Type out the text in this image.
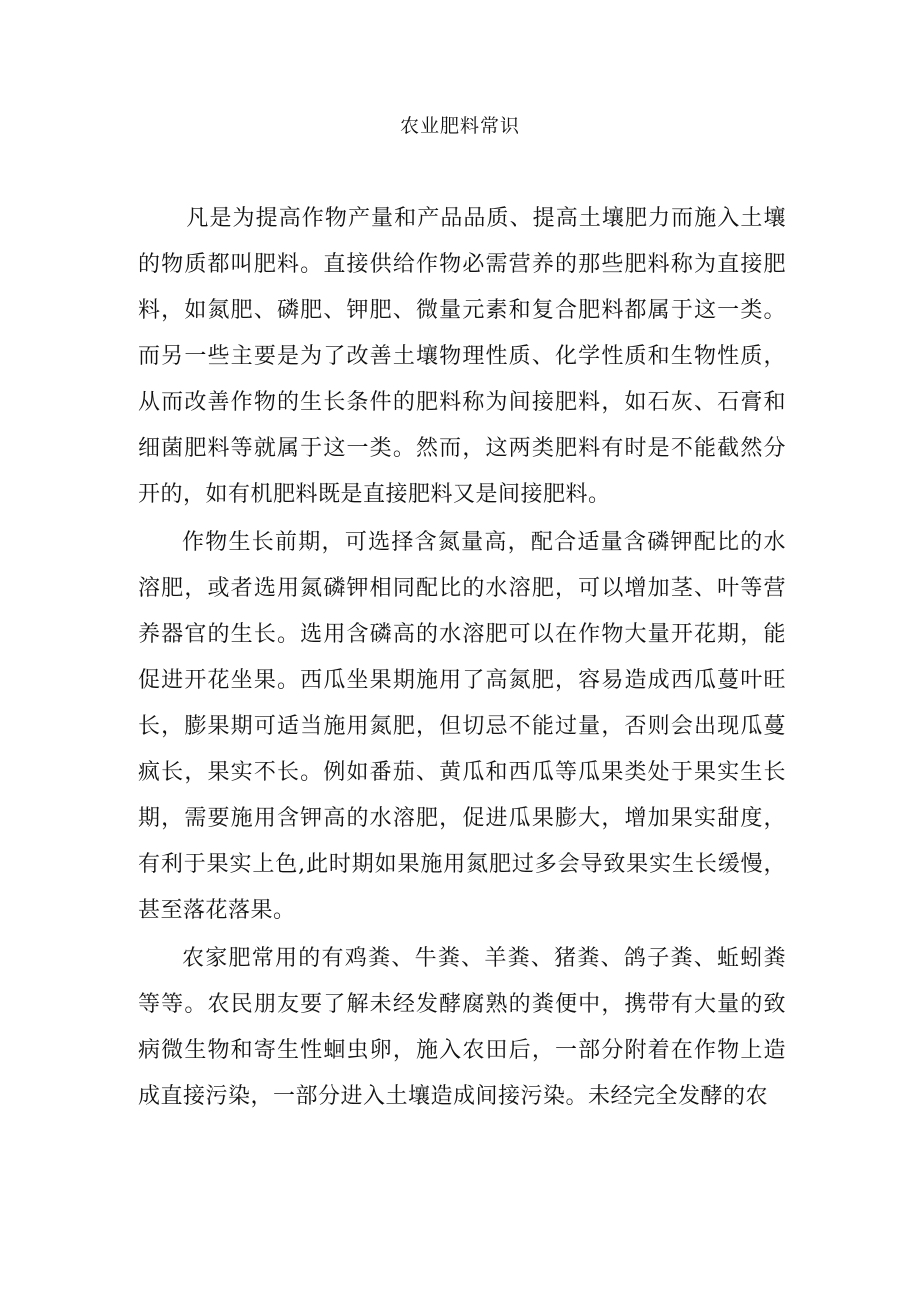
农业肥料常识

凡是为提高作物产量和产品品质、提高土壤肥力而施入土壤的物质都叫肥料。直接供给作物必需营养的那些肥料称为直接肥料，如氮肥、磷肥、钾肥、微量元素和复合肥料都属于这一类。而另一些主要是为了改善土壤物理性质、化学性质和生物性质，从而改善作物的生长条件的肥料称为间接肥料，如石灰、石膏和细菌肥料等就属于这一类。然而，这两类肥料有时是不能截然分开的，如有机肥料既是直接肥料又是间接肥料。

作物生长前期，可选择含氮量高，配合适量含磷钾配比的水溶肥，或者选用氮磷钾相同配比的水溶肥，可以增加茎、叶等营养器官的生长。选用含磷高的水溶肥可以在作物大量开花期，能促进开花坐果。西瓜坐果期施用了高氮肥，容易造成西瓜蔓叶旺长，膨果期可适当施用氮肥，但切忌不能过量，否则会出现瓜蔓疯长，果实不长。例如番茄、黄瓜和西瓜等瓜果类处于果实生长期，需要施用含钾高的水溶肥，促进瓜果膨大，增加果实甜度，有利于果实上色,此时期如果施用氮肥过多会导致果实生长缓慢，甚至落花落果。

农家肥常用的有鸡粪、牛粪、羊粪、猪粪、鸽子粪、蚯蚓粪等等。农民朋友要了解未经发酵腐熟的粪便中，携带有大量的致病微生物和寄生性蛔虫卵，施入农田后，一部分附着在作物上造成直接污染，一部分进入土壤造成间接污染。未经完全发酵的农
